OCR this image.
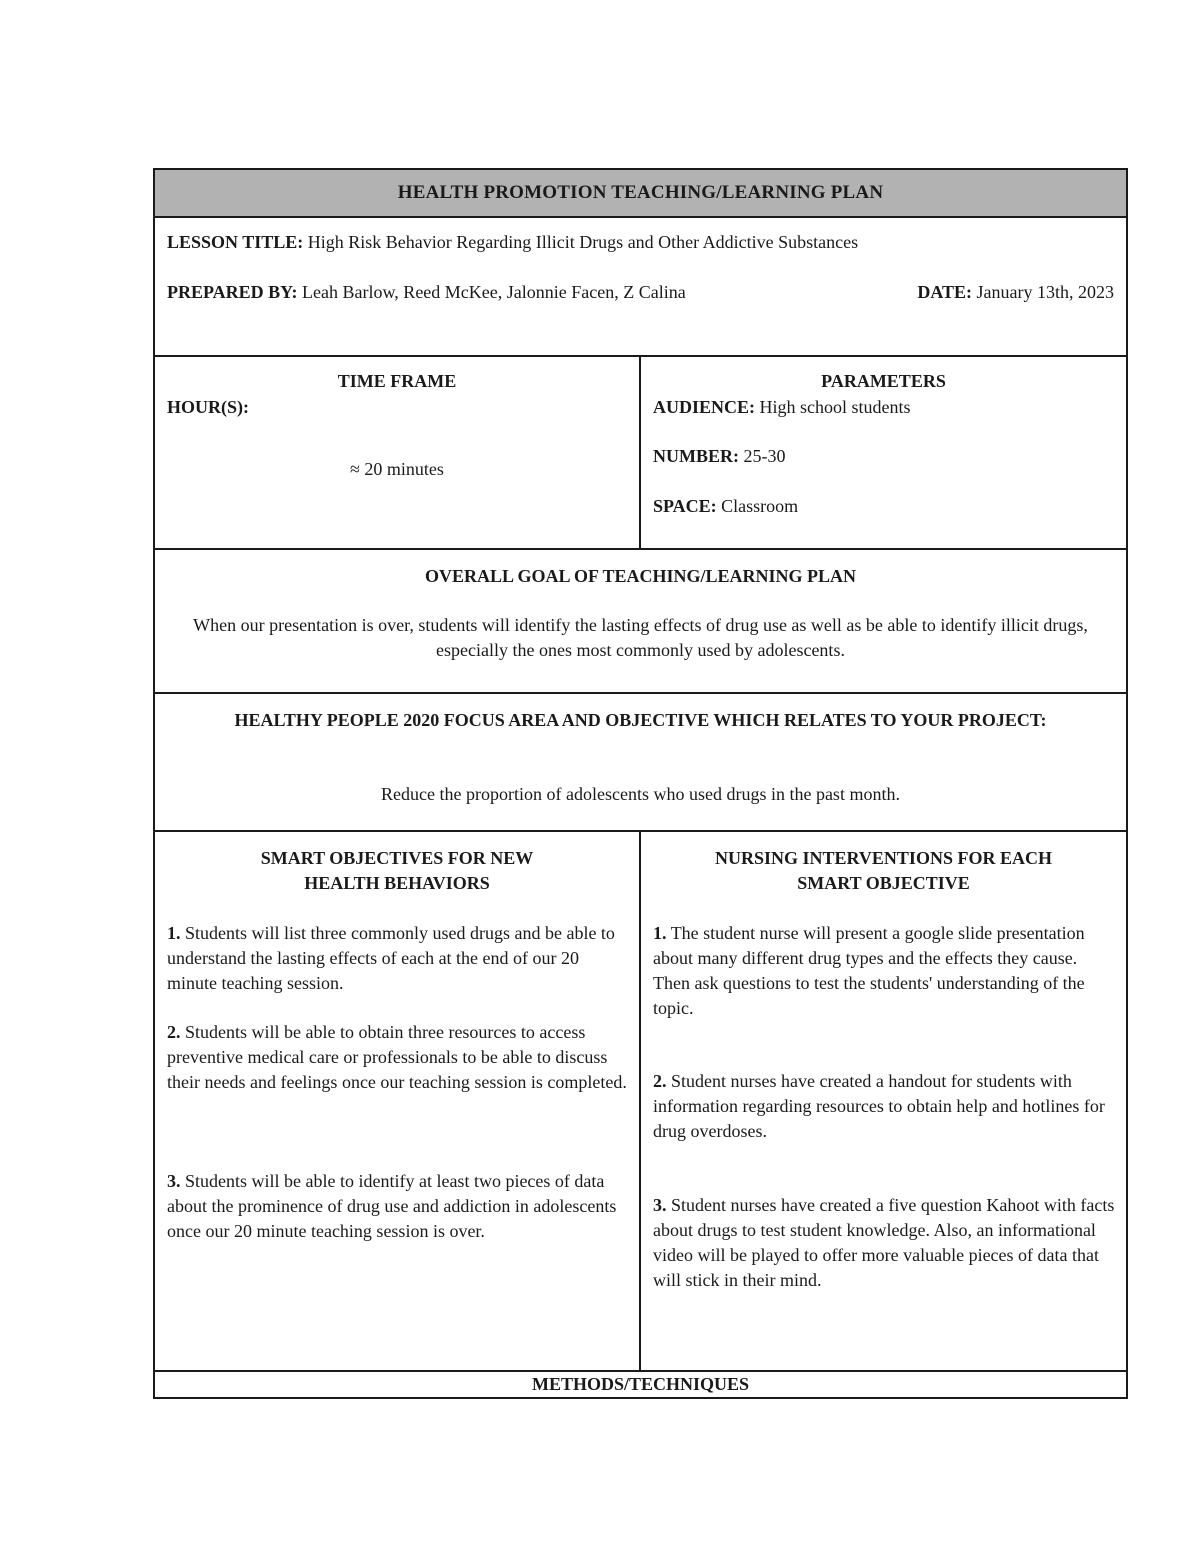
HEALTH PROMOTION TEACHING/LEARNING PLAN
LESSON TITLE: High Risk Behavior Regarding Illicit Drugs and Other Addictive Substances
PREPARED BY: Leah Barlow, Reed McKee, Jalonnie Facen, Z Calina	DATE: January 13th, 2023
TIME FRAME
HOUR(S):
≈ 20 minutes
PARAMETERS
AUDIENCE: High school students
NUMBER: 25-30
SPACE: Classroom
OVERALL GOAL OF TEACHING/LEARNING PLAN
When our presentation is over, students will identify the lasting effects of drug use as well as be able to identify illicit drugs, especially the ones most commonly used by adolescents.
HEALTHY PEOPLE 2020 FOCUS AREA AND OBJECTIVE WHICH RELATES TO YOUR PROJECT:
Reduce the proportion of adolescents who used drugs in the past month.
SMART OBJECTIVES FOR NEW
HEALTH BEHAVIORS
1. Students will list three commonly used drugs and be able to understand the lasting effects of each at the end of our 20 minute teaching session.
2. Students will be able to obtain three resources to access preventive medical care or professionals to be able to discuss their needs and feelings once our teaching session is completed.
3. Students will be able to identify at least two pieces of data about the prominence of drug use and addiction in adolescents once our 20 minute teaching session is over.
NURSING INTERVENTIONS FOR EACH
SMART OBJECTIVE
1. The student nurse will present a google slide presentation about many different drug types and the effects they cause. Then ask questions to test the students' understanding of the topic.
2. Student nurses have created a handout for students with information regarding resources to obtain help and hotlines for drug overdoses.
3. Student nurses have created a five question Kahoot with facts about drugs to test student knowledge. Also, an informational video will be played to offer more valuable pieces of data that will stick in their mind.
METHODS/TECHNIQUES
